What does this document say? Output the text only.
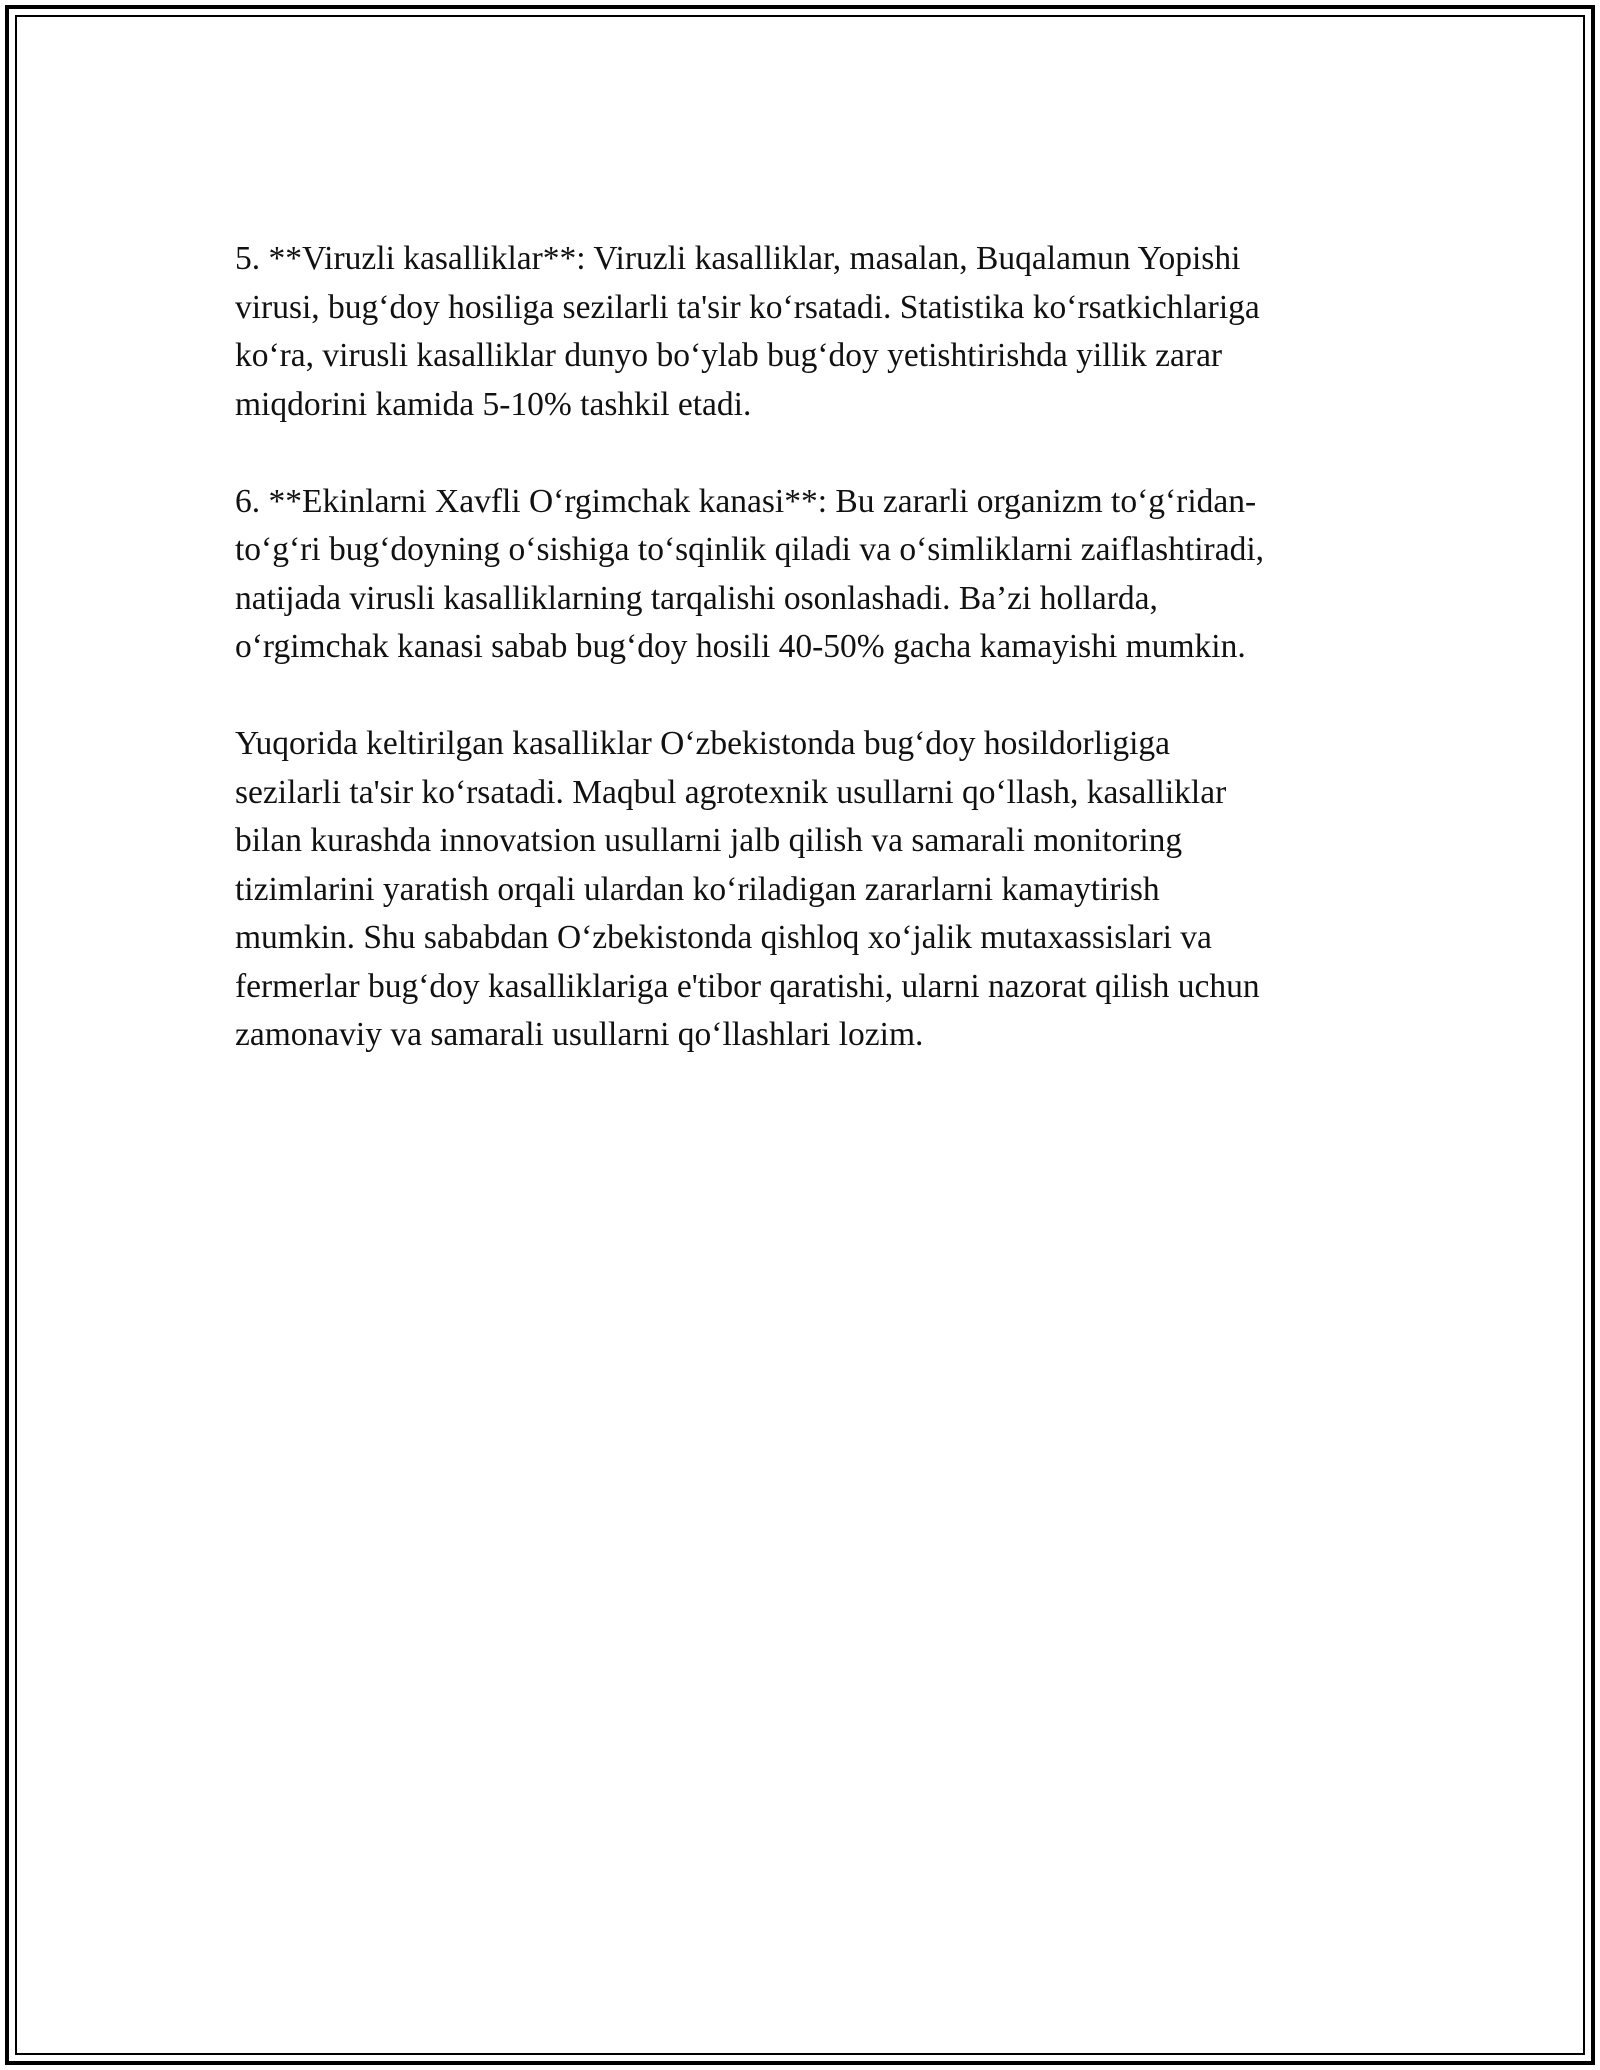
5. **Viruzli kasalliklar**: Viruzli kasalliklar, masalan, Buqalamun Yopishi
virusi, bug‘doy hosiliga sezilarli ta'sir ko‘rsatadi. Statistika ko‘rsatkichlariga
ko‘ra, virusli kasalliklar dunyo bo‘ylab bug‘doy yetishtirishda yillik zarar
miqdorini kamida 5-10% tashkil etadi.

6. **Ekinlarni Xavfli O‘rgimchak kanasi**: Bu zararli organizm to‘g‘ridan-
to‘g‘ri bug‘doyning o‘sishiga to‘sqinlik qiladi va o‘simliklarni zaiflashtiradi,
natijada virusli kasalliklarning tarqalishi osonlashadi. Ba’zi hollarda,
o‘rgimchak kanasi sabab bug‘doy hosili 40-50% gacha kamayishi mumkin.

Yuqorida keltirilgan kasalliklar O‘zbekistonda bug‘doy hosildorligiga
sezilarli ta'sir ko‘rsatadi. Maqbul agrotexnik usullarni qo‘llash, kasalliklar
bilan kurashda innovatsion usullarni jalb qilish va samarali monitoring
tizimlarini yaratish orqali ulardan ko‘riladigan zararlarni kamaytirish
mumkin. Shu sababdan O‘zbekistonda qishloq xo‘jalik mutaxassislari va
fermerlar bug‘doy kasalliklariga e'tibor qaratishi, ularni nazorat qilish uchun
zamonaviy va samarali usullarni qo‘llashlari lozim.
